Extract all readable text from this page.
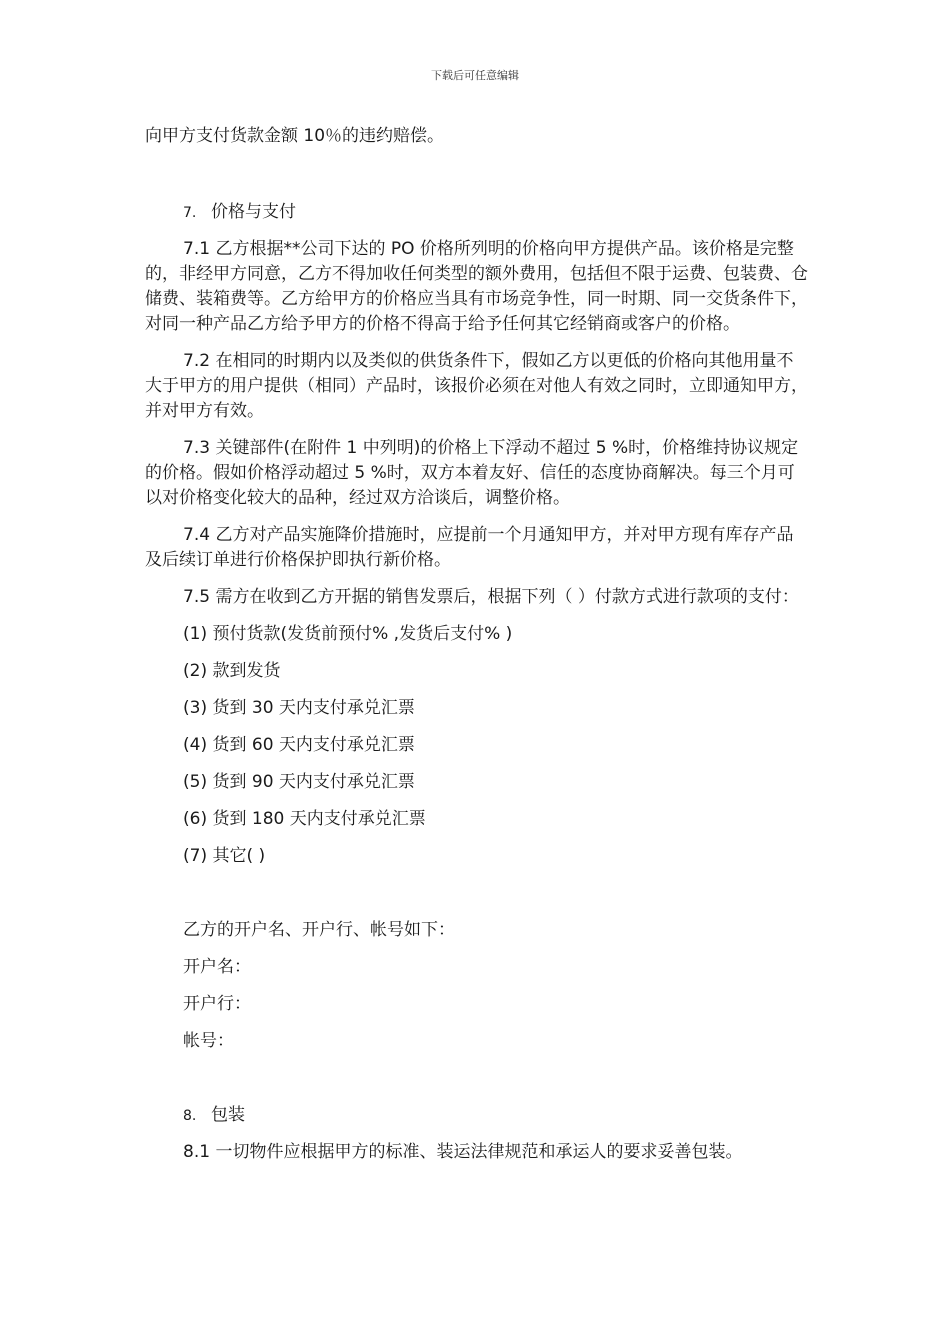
下载后可任意编辑

向甲方支付货款金额 10％的违约赔偿。

7. 价格与支付

7.1 乙方根据**公司下达的 PO 价格所列明的价格向甲方提供产品。该价格是完整的，非经甲方同意，乙方不得加收任何类型的额外费用，包括但不限于运费、包装费、仓储费、装箱费等。乙方给甲方的价格应当具有市场竞争性，同一时期、同一交货条件下，对同一种产品乙方给予甲方的价格不得高于给予任何其它经销商或客户的价格。

7.2 在相同的时期内以及类似的供货条件下，假如乙方以更低的价格向其他用量不大于甲方的用户提供（相同）产品时，该报价必须在对他人有效之同时，立即通知甲方，并对甲方有效。

7.3 关键部件(在附件 1 中列明)的价格上下浮动不超过 5 %时，价格维持协议规定的价格。假如价格浮动超过 5 %时，双方本着友好、信任的态度协商解决。每三个月可以对价格变化较大的品种，经过双方洽谈后，调整价格。

7.4 乙方对产品实施降价措施时，应提前一个月通知甲方，并对甲方现有库存产品及后续订单进行价格保护即执行新价格。

7.5 需方在收到乙方开据的销售发票后，根据下列（ ）付款方式进行款项的支付：

(1) 预付货款(发货前预付% ,发货后支付% )

(2) 款到发货

(3) 货到 30 天内支付承兑汇票

(4) 货到 60 天内支付承兑汇票

(5) 货到 90 天内支付承兑汇票

(6) 货到 180 天内支付承兑汇票

(7) 其它( )

乙方的开户名、开户行、帐号如下：

开户名：

开户行：

帐号：

8. 包装

8.1 一切物件应根据甲方的标准、装运法律规范和承运人的要求妥善包装。
